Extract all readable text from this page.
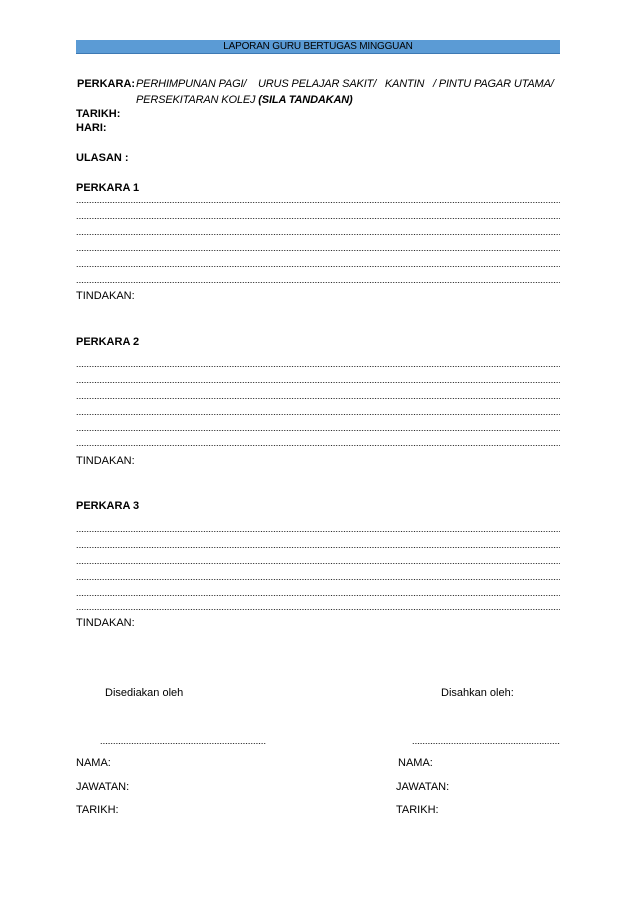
LAPORAN GURU BERTUGAS MINGGUAN
PERKARA: PERHIMPUNAN PAGI/    URUS PELAJAR SAKIT/   KANTIN   / PINTU PAGAR UTAMA/
PERSEKITARAN KOLEJ (SILA TANDAKAN)
TARIKH:
HARI:
ULASAN :
PERKARA 1
TINDAKAN:
PERKARA 2
TINDAKAN:
PERKARA 3
TINDAKAN:
Disediakan oleh	Disahkan oleh:
NAMA:	NAMA:
JAWATAN:	JAWATAN:
TARIKH:	TARIKH:
